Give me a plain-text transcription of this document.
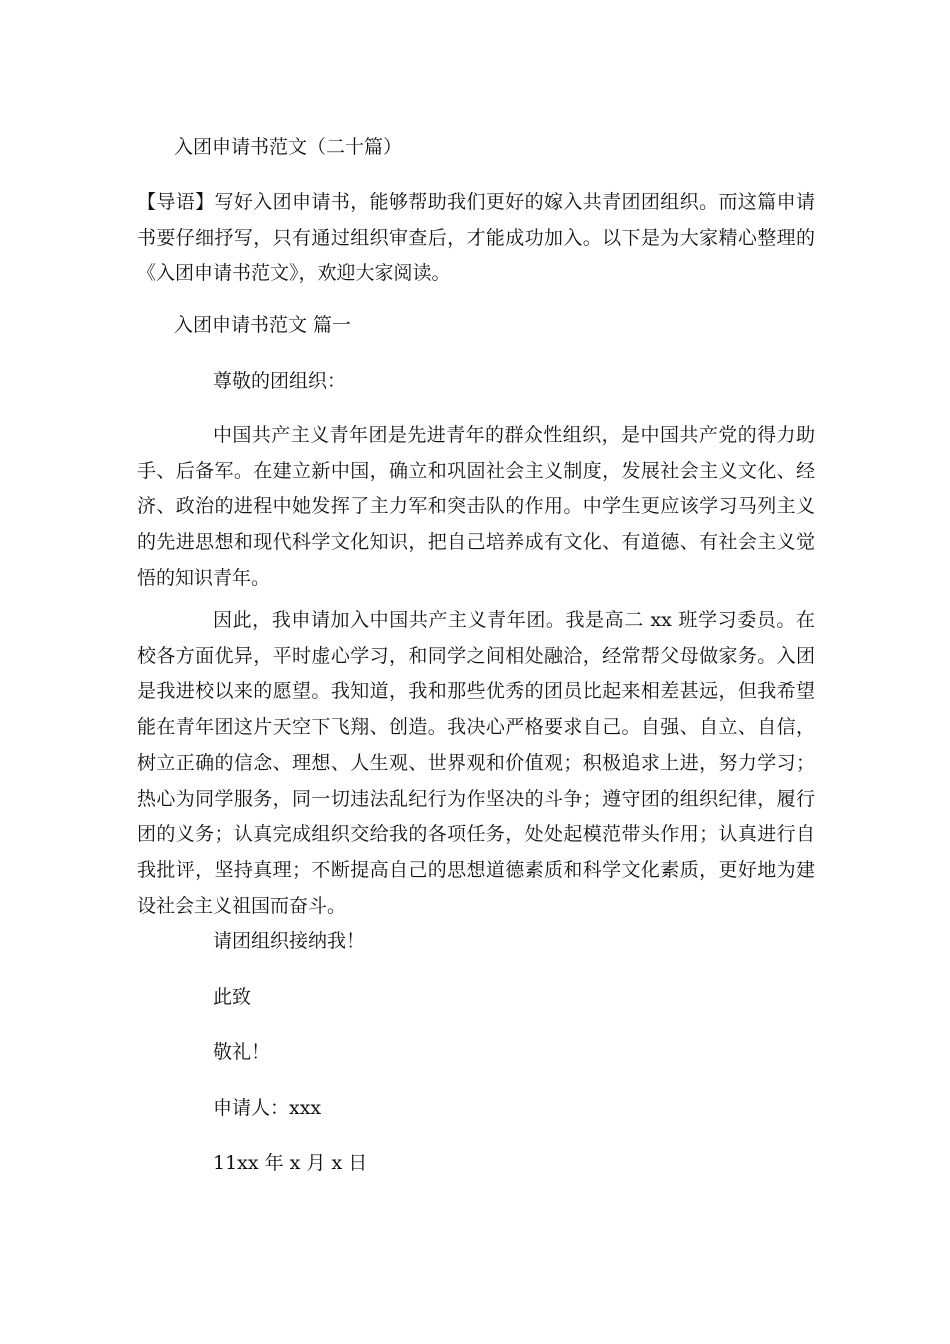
入团申请书范文（二十篇）
【导语】写好入团申请书，能够帮助我们更好的嫁入共青团团组织。而这篇申请书要仔细抒写，只有通过组织审查后，才能成功加入。以下是为大家精心整理的《入团申请书范文》，欢迎大家阅读。
入团申请书范文 篇一
尊敬的团组织：
中国共产主义青年团是先进青年的群众性组织，是中国共产党的得力助手、后备军。在建立新中国，确立和巩固社会主义制度，发展社会主义文化、经济、政治的进程中她发挥了主力军和突击队的作用。中学生更应该学习马列主义的先进思想和现代科学文化知识，把自己培养成有文化、有道德、有社会主义觉悟的知识青年。
因此，我申请加入中国共产主义青年团。我是高二 xx 班学习委员。在校各方面优异，平时虚心学习，和同学之间相处融洽，经常帮父母做家务。入团是我进校以来的愿望。我知道，我和那些优秀的团员比起来相差甚远，但我希望能在青年团这片天空下飞翔、创造。我决心严格要求自己。自强、自立、自信，树立正确的信念、理想、人生观、世界观和价值观；积极追求上进，努力学习；热心为同学服务，同一切违法乱纪行为作坚决的斗争；遵守团的组织纪律，履行团的义务；认真完成组织交给我的各项任务，处处起模范带头作用；认真进行自我批评，坚持真理；不断提高自己的思想道德素质和科学文化素质，更好地为建设社会主义祖国而奋斗。
请团组织接纳我！
此致
敬礼！
申请人：xxx
11xx 年 x 月 x 日
